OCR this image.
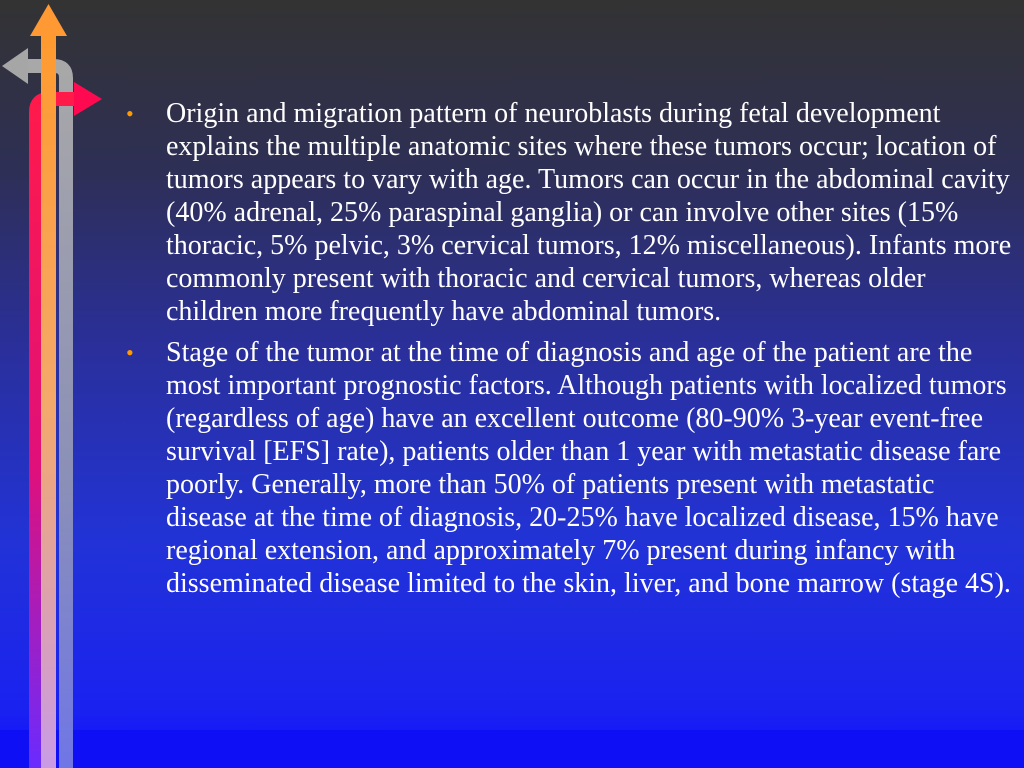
• Origin and migration pattern of neuroblasts during fetal development explains the multiple anatomic sites where these tumors occur; location of tumors appears to vary with age. Tumors can occur in the abdominal cavity (40% adrenal, 25% paraspinal ganglia) or can involve other sites (15% thoracic, 5% pelvic, 3% cervical tumors, 12% miscellaneous). Infants more commonly present with thoracic and cervical tumors, whereas older children more frequently have abdominal tumors.
• Stage of the tumor at the time of diagnosis and age of the patient are the most important prognostic factors. Although patients with localized tumors (regardless of age) have an excellent outcome (80-90% 3-year event-free survival [EFS] rate), patients older than 1 year with metastatic disease fare poorly. Generally, more than 50% of patients present with metastatic disease at the time of diagnosis, 20-25% have localized disease, 15% have regional extension, and approximately 7% present during infancy with disseminated disease limited to the skin, liver, and bone marrow (stage 4S).
